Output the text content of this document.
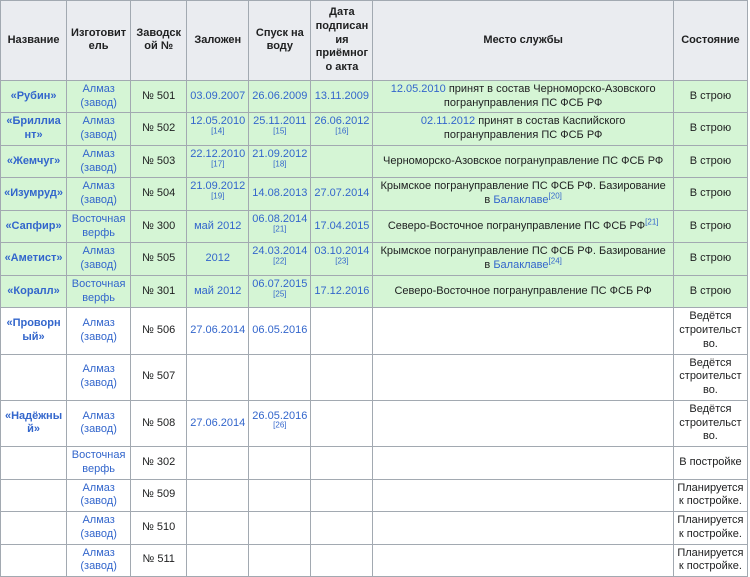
Название	Изготовитель	Заводской №	Заложен	Спуск на воду	Дата подписания приёмного акта	Место службы	Состояние
«Рубин»	Алмаз (завод)	№ 501	03.09.2007	26.06.2009	13.11.2009	12.05.2010 принят в состав Черноморско-Азовского погрануправления ПС ФСБ РФ	В строю
«Бриллиант»	Алмаз (завод)	№ 502	12.05.2010[14]	25.11.2011[15]	26.06.2012[16]	02.11.2012 принят в состав Каспийского погрануправления ПС ФСБ РФ	В строю
«Жемчуг»	Алмаз (завод)	№ 503	22.12.2010[17]	21.09.2012[18]		Черноморско-Азовское погрануправление ПС ФСБ РФ	В строю
«Изумруд»	Алмаз (завод)	№ 504	21.09.2012[19]	14.08.2013	27.07.2014	Крымское погрануправление ПС ФСБ РФ. Базирование в Балаклаве[20]	В строю
«Сапфир»	Восточная верфь	№ 300	май 2012	06.08.2014[21]	17.04.2015	Северо-Восточное погрануправление ПС ФСБ РФ[21]	В строю
«Аметист»	Алмаз (завод)	№ 505	2012	24.03.2014[22]	03.10.2014[23]	Крымское погрануправление ПС ФСБ РФ. Базирование в Балаклаве[24]	В строю
«Коралл»	Восточная верфь	№ 301	май 2012	06.07.2015[25]	17.12.2016	Северо-Восточное погрануправление ПС ФСБ РФ	В строю
«Проворный»	Алмаз (завод)	№ 506	27.06.2014	06.05.2016			Ведётся строительство.
	Алмаз (завод)	№ 507					Ведётся строительство.
«Надёжный»	Алмаз (завод)	№ 508	27.06.2014	26.05.2016[26]			Ведётся строительство.
	Восточная верфь	№ 302					В постройке
	Алмаз (завод)	№ 509					Планируется к постройке.
	Алмаз (завод)	№ 510					Планируется к постройке.
	Алмаз (завод)	№ 511					Планируется к постройке.
